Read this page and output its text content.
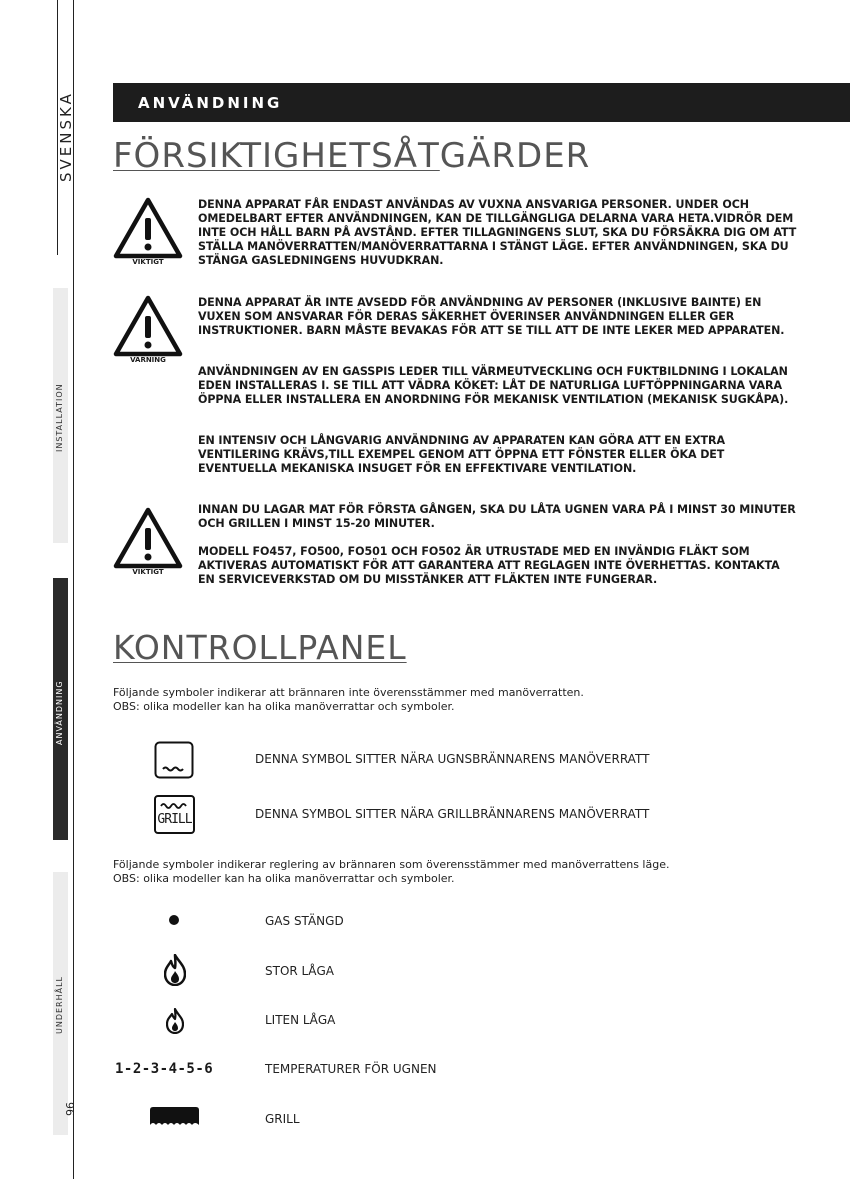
SVENSKA
INSTALLATION
ANVÄNDNING
UNDERHÅLL
96
ANVÄNDNING
FÖRSIKTIGHETSÅTGÄRDER
VIKTIGT
VARNING
VIKTIGT
DENNA APPARAT FÅR ENDAST ANVÄNDAS AV VUXNA ANSVARIGA PERSONER. UNDER OCH OMEDELBART EFTER ANVÄNDNINGEN, KAN DE TILLGÄNGLIGA DELARNA VARA HETA.VIDRÖR DEM INTE OCH HÅLL BARN PÅ AVSTÅND. EFTER TILLAGNINGENS SLUT, SKA DU FÖRSÄKRA DIG OM ATT STÄLLA MANÖVERRATTEN/MANÖVERRATTARNA I STÄNGT LÄGE. EFTER ANVÄNDNINGEN, SKA DU STÄNGA GASLEDNINGENS HUVUDKRAN.
DENNA APPARAT ÄR INTE AVSEDD FÖR ANVÄNDNING AV PERSONER (INKLUSIVE BAINTE) EN VUXEN SOM ANSVARAR FÖR DERAS SÄKERHET ÖVERINSER ANVÄNDNINGEN ELLER GER INSTRUKTIONER. BARN MÅSTE BEVAKAS FÖR ATT SE TILL ATT DE INTE LEKER MED APPARATEN.
ANVÄNDNINGEN AV EN GASSPIS LEDER TILL VÄRMEUTVECKLING OCH FUKTBILDNING I LOKALAN EDEN INSTALLERAS I. SE TILL ATT VÄDRA KÖKET: LÅT DE NATURLIGA LUFTÖPPNINGARNA VARA ÖPPNA ELLER INSTALLERA EN ANORDNING FÖR MEKANISK VENTILATION (MEKANISK SUGKÅPA).
EN INTENSIV OCH LÅNGVARIG ANVÄNDNING AV APPARATEN KAN GÖRA ATT EN EXTRA VENTILERING KRÄVS,TILL EXEMPEL GENOM ATT ÖPPNA ETT FÖNSTER ELLER ÖKA DET EVENTUELLA MEKANISKA INSUGET FÖR EN EFFEKTIVARE VENTILATION.
INNAN DU LAGAR MAT FÖR FÖRSTA GÅNGEN, SKA DU LÅTA UGNEN VARA PÅ I MINST 30 MINUTER OCH GRILLEN I MINST 15-20 MINUTER.
MODELL FO457, FO500, FO501 OCH FO502 ÄR UTRUSTADE MED EN INVÄNDIG FLÄKT SOM AKTIVERAS AUTOMATISKT FÖR ATT GARANTERA ATT REGLAGEN INTE ÖVERHETTAS. KONTAKTA EN SERVICEVERKSTAD OM DU MISSTÄNKER ATT FLÄKTEN INTE FUNGERAR.
KONTROLLPANEL
Följande symboler indikerar att brännaren inte överensstämmer med manöverratten.
OBS: olika modeller kan ha olika manöverrattar och symboler.
DENNA SYMBOL SITTER NÄRA UGNSBRÄNNARENS MANÖVERRATT
GRILL	DENNA SYMBOL SITTER NÄRA GRILLBRÄNNARENS MANÖVERRATT
Följande symboler indikerar reglering av brännaren som överensstämmer med manöverrattens läge.
OBS: olika modeller kan ha olika manöverrattar och symboler.
GAS STÄNGD
STOR LÅGA
LITEN LÅGA
1-2-3-4-5-6	TEMPERATURER FÖR UGNEN
GRILL
